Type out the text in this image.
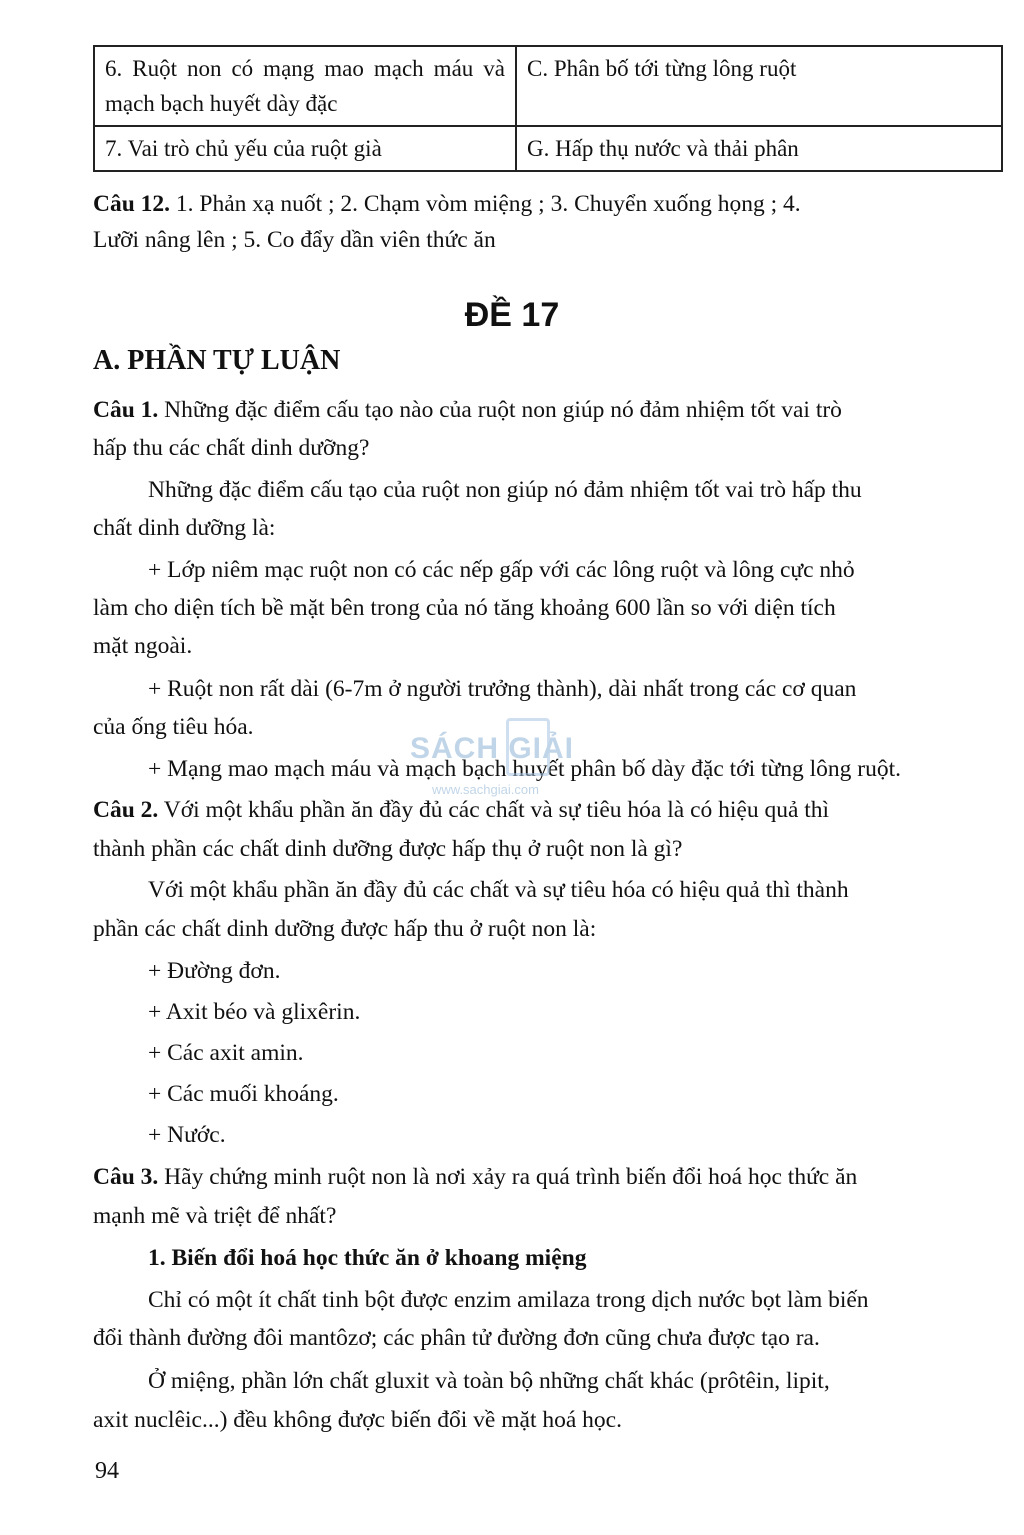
6. Ruột non có mạng mao mạch máu và mạch bạch huyết dày đặc	C. Phân bố tới từng lông ruột
7. Vai trò chủ yếu của ruột già	G. Hấp thụ nước và thải phân
Câu 12. 1. Phản xạ nuốt ; 2. Chạm vòm miệng ; 3. Chuyển xuống họng ; 4.
Lưỡi nâng lên ; 5. Co đẩy dần viên thức ăn
ĐỀ 17
A. PHẦN TỰ LUẬN
Câu 1. Những đặc điểm cấu tạo nào của ruột non giúp nó đảm nhiệm tốt vai trò
hấp thu các chất dinh dưỡng?
Những đặc điểm cấu tạo của ruột non giúp nó đảm nhiệm tốt vai trò hấp thu
chất dinh dưỡng là:
+ Lớp niêm mạc ruột non có các nếp gấp với các lông ruột và lông cực nhỏ
làm cho diện tích bề mặt bên trong của nó tăng khoảng 600 lần so với diện tích
mặt ngoài.
+ Ruột non rất dài (6-7m ở người trưởng thành), dài nhất trong các cơ quan
của ống tiêu hóa.
+ Mạng mao mạch máu và mạch bạch huyết phân bố dày đặc tới từng lông ruột.
Câu 2. Với một khẩu phần ăn đầy đủ các chất và sự tiêu hóa là có hiệu quả thì
thành phần các chất dinh dưỡng được hấp thụ ở ruột non là gì?
Với một khẩu phần ăn đầy đủ các chất và sự tiêu hóa có hiệu quả thì thành
phần các chất dinh dưỡng được hấp thu ở ruột non là:
+ Đường đơn.
+ Axit béo và glixêrin.
+ Các axit amin.
+ Các muối khoáng.
+ Nước.
Câu 3. Hãy chứng minh ruột non là nơi xảy ra quá trình biến đổi hoá học thức ăn
mạnh mẽ và triệt để nhất?
1. Biến đổi hoá học thức ăn ở khoang miệng
Chỉ có một ít chất tinh bột được enzim amilaza trong dịch nước bọt làm biến
đổi thành đường đôi mantôzơ; các phân tử đường đơn cũng chưa được tạo ra.
Ở miệng, phần lớn chất gluxit và toàn bộ những chất khác (prôtêin, lipit,
axit nuclêic...) đều không được biến đổi về mặt hoá học.
94
SÁCH GIẢI
www.sachgiai.com
